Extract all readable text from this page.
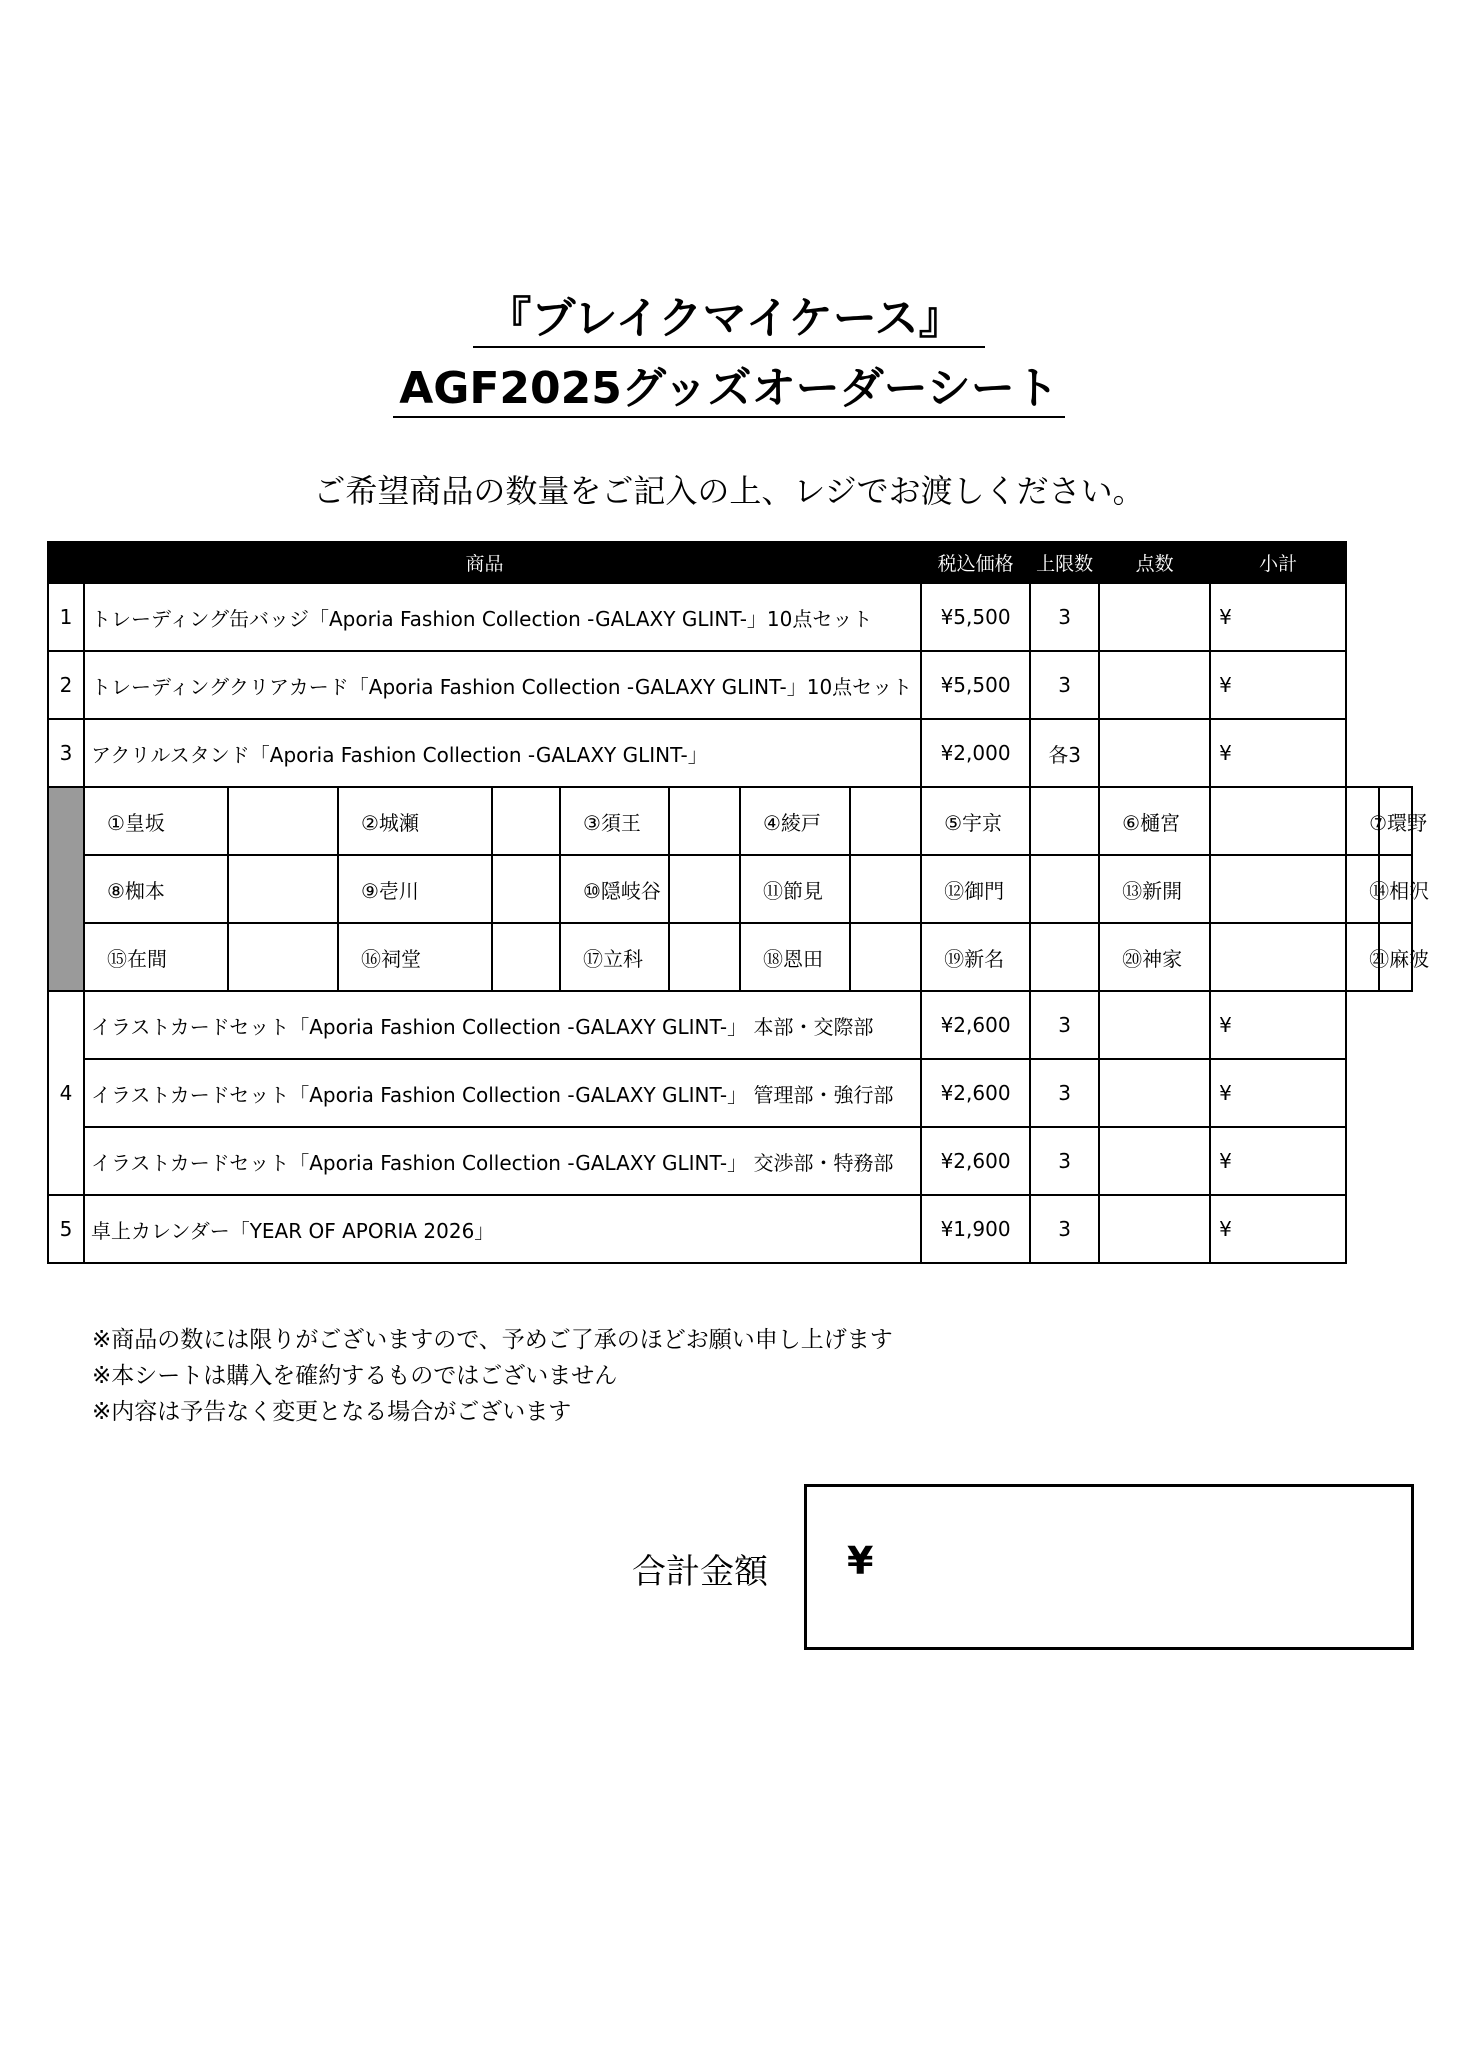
『ブレイクマイケース』
AGF2025グッズオーダーシート
ご希望商品の数量をご記入の上、レジでお渡しください。
商品									税込価格	上限数	点数	小計		
1	トレーディング缶バッジ「Aporia Fashion Collection -GALAXY GLINT-」10点セット								¥5,500	3		¥		
2	トレーディングクリアカード「Aporia Fashion Collection -GALAXY GLINT-」10点セット								¥5,500	3		¥		
3	アクリルスタンド「Aporia Fashion Collection -GALAXY GLINT-」								¥2,000	各3		¥		
	①皇坂		②城瀬		③須王		④綾戸		⑤宇京		⑥樋宮		⑦環野	
	⑧椥本		⑨壱川		⑩隠岐谷		⑪節見		⑫御門		⑬新開		⑭相沢	
	⑮在間		⑯祠堂		⑰立科		⑱恩田		⑲新名		⑳神家		㉑麻波	
4	イラストカードセット「Aporia Fashion Collection -GALAXY GLINT-」 本部・交際部								¥2,600	3		¥		
	イラストカードセット「Aporia Fashion Collection -GALAXY GLINT-」 管理部・強行部								¥2,600	3		¥		
	イラストカードセット「Aporia Fashion Collection -GALAXY GLINT-」 交渉部・特務部								¥2,600	3		¥		
5	卓上カレンダー「YEAR OF APORIA 2026」								¥1,900	3		¥		
※商品の数には限りがございますので、予めご了承のほどお願い申し上げます
※本シートは購入を確約するものではございません
※内容は予告なく変更となる場合がございます
合計金額 ¥
